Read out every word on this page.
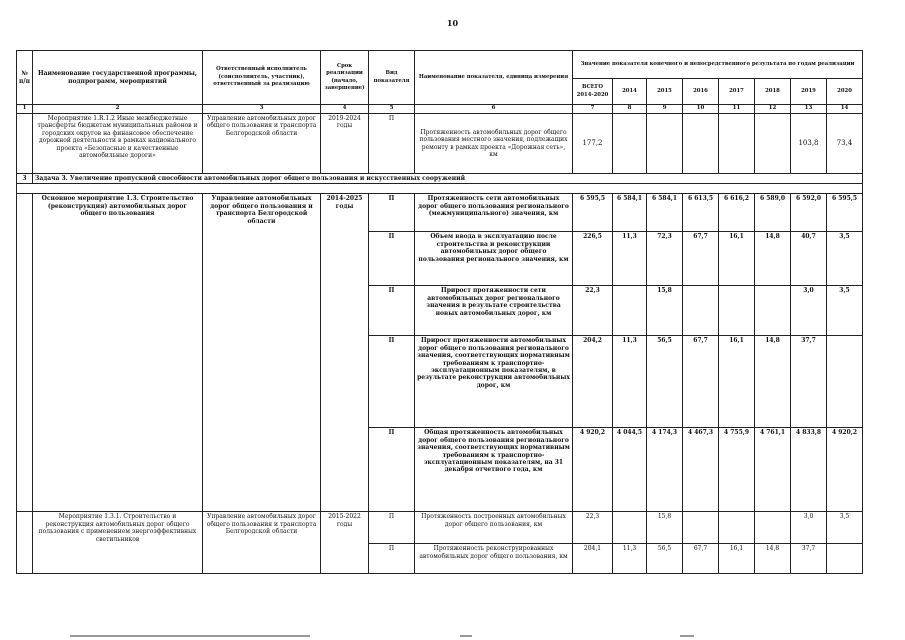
10
№ п/п	Наименование государственной программы, подпрограмм, мероприятий	Ответственный исполнитель (соисполнитель, участник), ответственный за реализацию	Срок реализации (начало, завершение)	Вид показателя	Наименование показателя, единица измерения	Значение показателя конечного и непосредственного результата по годам реализации							
						ВСЕГО 2014-2020	2014	2015	2016	2017	2018	2019	2020
1	2	3	4	5	6	7	8	9	10	11	12	13	14
	Мероприятие 1.R.1.2 Иные межбюджетные трансферты бюджетам муниципальных районов и городских округов на финансовое обеспечение дорожной деятельности в рамках национального проекта «Безопасные и качественные автомобильные дороги»	Управление автомобильных дорог общего пользования и транспорта Белгородской области	2019-2024 годы	П	Протяженность автомобильных дорог общего пользования местного значения, подлежащих ремонту в рамках проекта «Дорожная сеть», км	177,2						103,8	73,4
3	Задача 3. Увеличение пропускной способности автомобильных дорог общего пользования и искусственных сооружений												

	Основное мероприятие 1.3. Строительство (реконструкция) автомобильных дорог общего пользования	Управление автомобильных дорог общего пользования и транспорта Белгородской области	2014-2025 годы	П	Протяженность сети автомобильных дорог общего пользования регионального (межмуниципального) значения, км	6 595,5	6 584,1	6 584,1	6 613,5	6 616,2	6 589,0	6 592,0	6 595,5
				П	Объем ввода в эксплуатацию после строительства и реконструкции автомобильных дорог общего пользования регионального значения, км	226,5	11,3	72,3	67,7	16,1	14,8	40,7	3,5
				П	Прирост протяженности сети автомобильных дорог регионального значения в результате строительства новых автомобильных дорог, км	22,3		15,8				3,0	3,5
				П	Прирост протяженности автомобильных дорог общего пользования регионального значения, соответствующих нормативным требованиям к транспортно-эксплуатационным показателям, в результате реконструкции автомобильных дорог, км	204,2	11,3	56,5	67,7	16,1	14,8	37,7	
				П	Общая протяженность автомобильных дорог общего пользования регионального значения, соответствующих нормативным требованиям к транспортно-эксплуатационным показателям, на 31 декабря отчетного года, км	4 920,2	4 044,5	4 174,3	4 467,3	4 755,9	4 761,1	4 833,8	4 920,2
	Мероприятие 1.3.1. Строительство и реконструкция автомобильных дорог общего пользования с применением энергоэффективных светильников	Управление автомобильных дорог общего пользования и транспорта Белгородской области	2015-2022 годы	П	Протяженность построенных автомобильных дорог общего пользования, км	22,3		15,8				3,0	3,5
				П	Протяженность реконструированных автомобильных дорог общего пользования, км	204,1	11,3	56,5	67,7	16,1	14,8	37,7	
